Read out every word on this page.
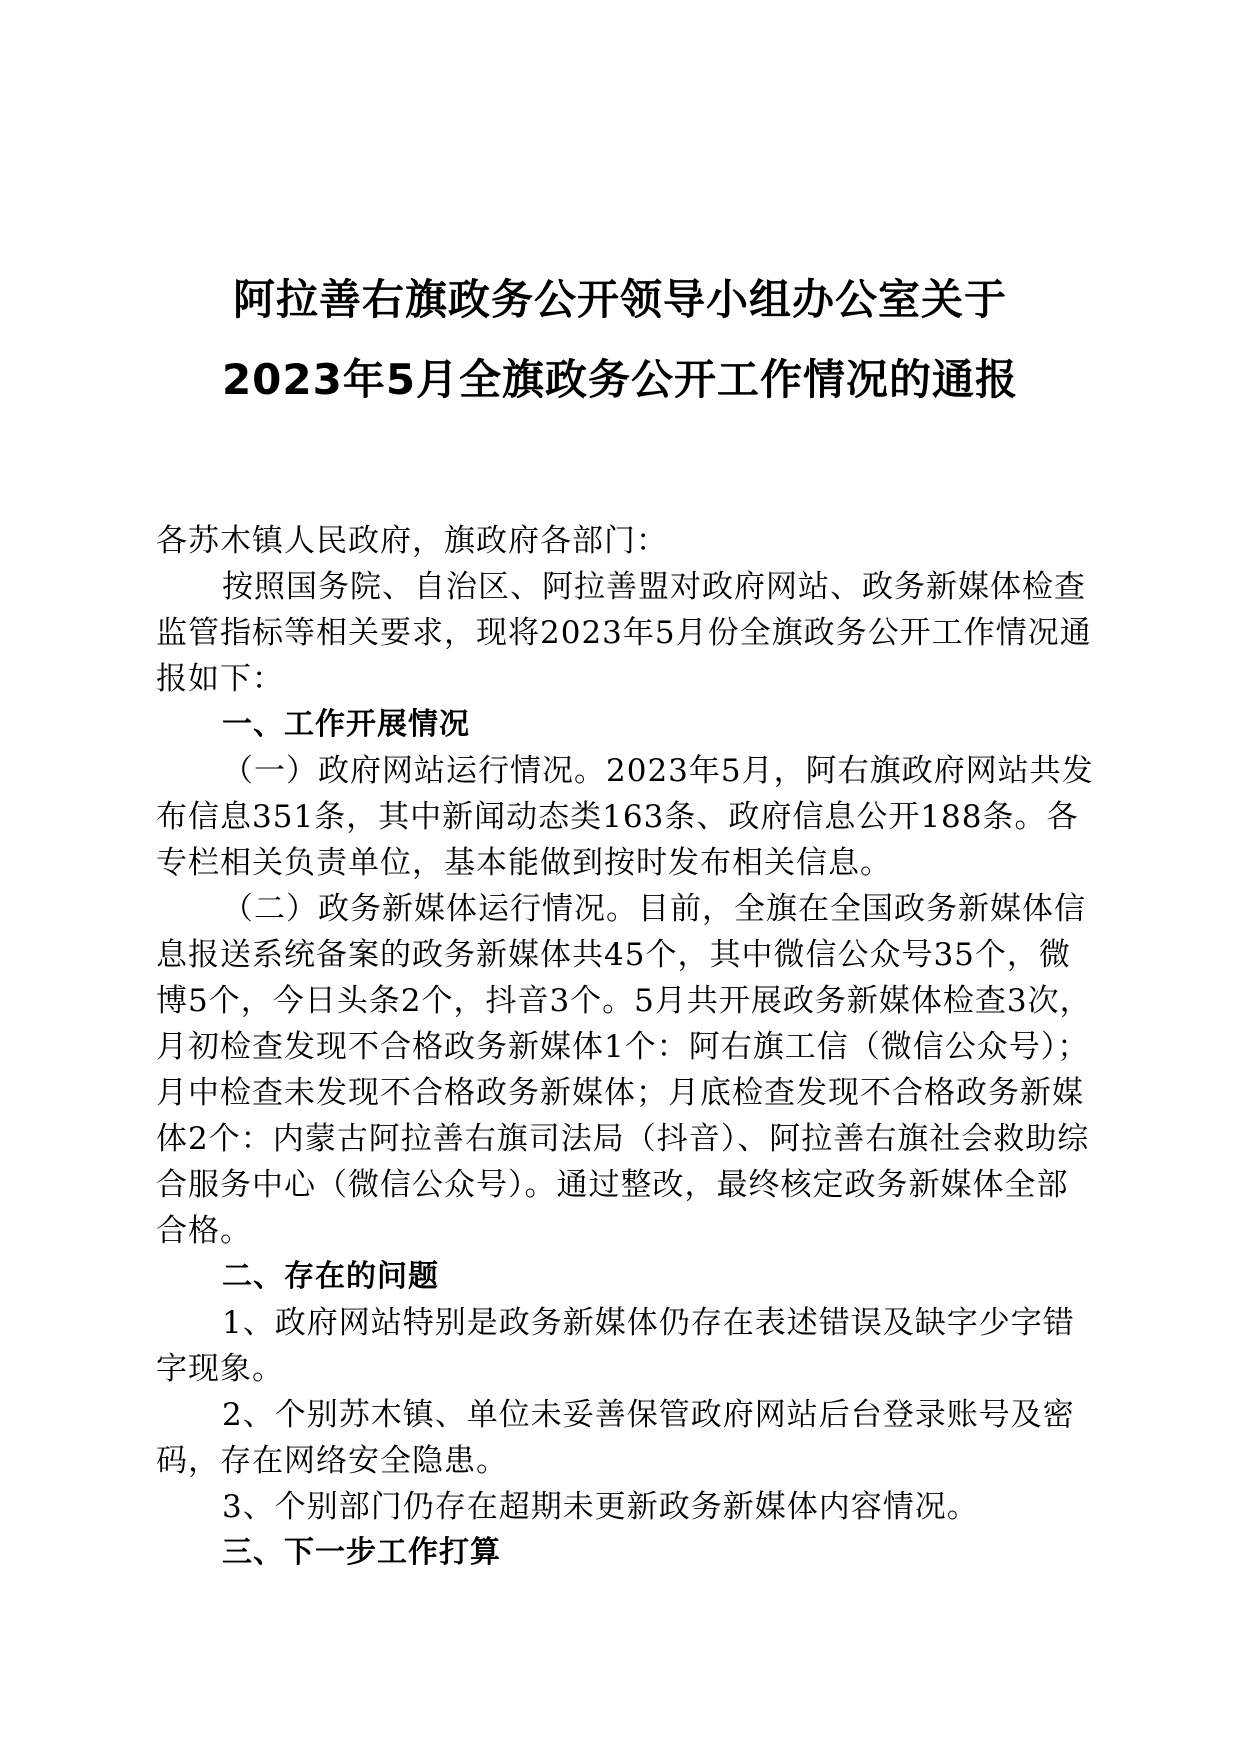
阿拉善右旗政务公开领导小组办公室关于
2023年5月全旗政务公开工作情况的通报

各苏木镇人民政府，旗政府各部门：

按照国务院、自治区、阿拉善盟对政府网站、政务新媒体检查监管指标等相关要求，现将2023年5月份全旗政务公开工作情况通报如下：

一、工作开展情况

（一）政府网站运行情况。2023年5月，阿右旗政府网站共发布信息351条，其中新闻动态类163条、政府信息公开188条。各专栏相关负责单位，基本能做到按时发布相关信息。

（二）政务新媒体运行情况。目前，全旗在全国政务新媒体信息报送系统备案的政务新媒体共45个，其中微信公众号35个，微博5个，今日头条2个，抖音3个。5月共开展政务新媒体检查3次，月初检查发现不合格政务新媒体1个：阿右旗工信（微信公众号）；月中检查未发现不合格政务新媒体；月底检查发现不合格政务新媒体2个：内蒙古阿拉善右旗司法局（抖音）、阿拉善右旗社会救助综合服务中心（微信公众号）。通过整改，最终核定政务新媒体全部合格。

二、存在的问题

1、政府网站特别是政务新媒体仍存在表述错误及缺字少字错字现象。

2、个别苏木镇、单位未妥善保管政府网站后台登录账号及密码，存在网络安全隐患。

3、个别部门仍存在超期未更新政务新媒体内容情况。

三、下一步工作打算
